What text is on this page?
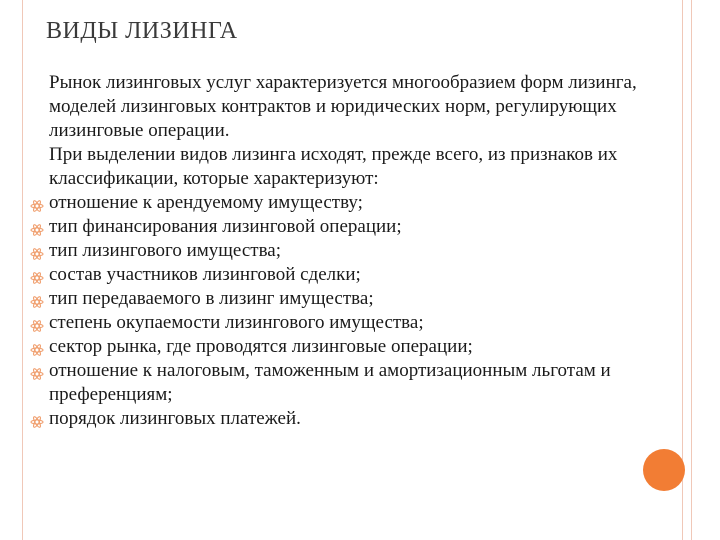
ВИДЫ ЛИЗИНГА
Рынок лизинговых услуг характеризуется многообразием форм лизинга, моделей лизинговых контрактов и юридических норм, регулирующих лизинговые операции.
При выделении видов лизинга исходят, прежде всего, из признаков их классификации, которые характеризуют:
отношение к арендуемому имуществу;
тип финансирования лизинговой операции;
тип лизингового имущества;
состав участников лизинговой сделки;
тип передаваемого в лизинг имущества;
степень окупаемости лизингового имущества;
сектор рынка, где проводятся лизинговые операции;
отношение к налоговым, таможенным и амортизационным льготам и преференциям;
порядок лизинговых платежей.
